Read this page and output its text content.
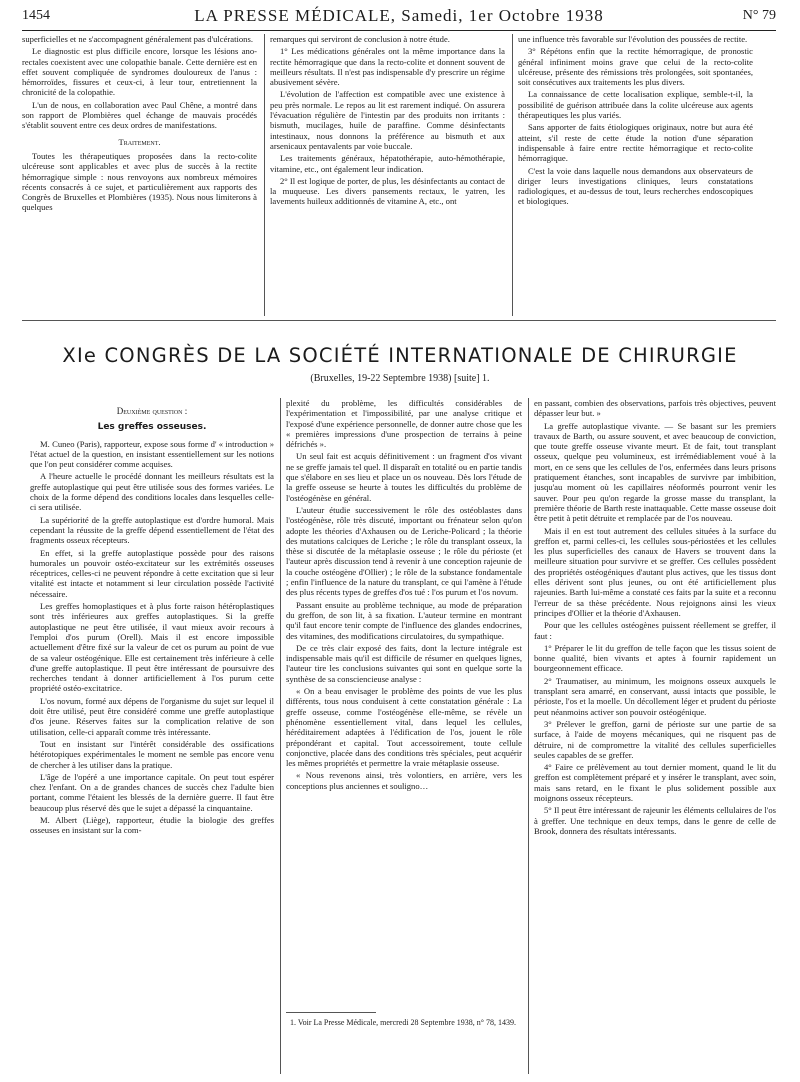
1454	LA PRESSE MÉDICALE, Samedi, 1er Octobre 1938	N° 79

superficielles et ne s'accompagnent généralement pas d'ulcérations.

Le diagnostic est plus difficile encore, lorsque les lésions ano-rectales coexistent avec une colopathie banale. Cette dernière est en effet souvent compliquée de syndromes douloureux de l'anus : hémorroïdes, fissures et ceux-ci, à leur tour, entretiennent la chronicité de la colopathie.

L'un de nous, en collaboration avec Paul Chêne, a montré dans son rapport de Plombières quel échange de mauvais procédés s'établit souvent entre ces deux ordres de manifestations.

Traitement.

Toutes les thérapeutiques proposées dans la recto-colite ulcéreuse sont applicables et avec plus de succès à la rectite hémorragique simple : nous renvoyons aux nombreux mémoires récents consacrés à ce sujet, et particulièrement aux rapports des Congrès de Bruxelles et Plombières (1935). Nous nous limiterons à quelques

remarques qui serviront de conclusion à notre étude.

1° Les médications générales ont la même importance dans la rectite hémorragique que dans la recto-colite et donnent souvent de meilleurs résultats. Il n'est pas indispensable d'y prescrire un régime abusivement sévère.

L'évolution de l'affection est compatible avec une existence à peu près normale. Le repos au lit est rarement indiqué. On assurera l'évacuation régulière de l'intestin par des produits non irritants : bismuth, mucilages, huile de paraffine. Comme désinfectants intestinaux, nous donnons la préférence au bismuth et aux arsenicaux pentavalents par voie buccale.

Les traitements généraux, hépatothérapie, auto-hémothérapie, vitamine, etc., ont également leur indication.

2° Il est logique de porter, de plus, les désinfectants au contact de la muqueuse. Les divers pansements rectaux, le yatren, les lavements huileux additionnés de vitamine A, etc., ont

une influence très favorable sur l'évolution des poussées de rectite.

3° Répétons enfin que la rectite hémorragique, de pronostic général infiniment moins grave que celui de la recto-colite ulcéreuse, présente des rémissions très prolongées, soit spontanées, soit consécutives aux traitements les plus divers.

La connaissance de cette localisation explique, semble-t-il, la possibilité de guérison attribuée dans la colite ulcéreuse aux agents thérapeutiques les plus variés.

Sans apporter de faits étiologiques originaux, notre but aura été atteint, s'il reste de cette étude la notion d'une séparation indispensable à faire entre rectite hémorragique et recto-colite hémorragique.

C'est la voie dans laquelle nous demandons aux observateurs de diriger leurs investigations cliniques, leurs constatations radiologiques, et au-dessus de tout, leurs recherches endoscopiques et biologiques.

XIe CONGRÈS DE LA SOCIÉTÉ INTERNATIONALE DE CHIRURGIE
(Bruxelles, 19-22 Septembre 1938) [suite] 1.
Deuxième question :
Les greffes osseuses.

M. Cuneo (Paris), rapporteur, expose sous forme d' « introduction » l'état actuel de la question, en insistant essentiellement sur les notions que l'on peut considérer comme acquises.

A l'heure actuelle le procédé donnant les meilleurs résultats est la greffe autoplastique qui peut être utilisée sous des formes variées. Le choix de la forme dépend des conditions locales dans lesquelles celle-ci sera utilisée.

La supériorité de la greffe autoplastique est d'ordre humoral. Mais cependant la réussite de la greffe dépend essentiellement de l'état des fragments osseux récepteurs.

En effet, si la greffe autoplastique possède pour des raisons humorales un pouvoir ostéo-excitateur sur les extrémités osseuses réceptrices, celles-ci ne peuvent répondre à cette excitation que si leur vitalité est intacte et notamment si leur circulation possède l'activité nécessaire.

Les greffes homoplastiques et à plus forte raison hétéroplastiques sont très inférieures aux greffes autoplastiques. Si la greffe autoplastique ne peut être utilisée, il vaut mieux avoir recours à l'emploi d'os purum (Orell). Mais il est encore impossible actuellement d'être fixé sur la valeur de cet os purum au point de vue de sa valeur ostéogénique. Elle est certainement très inférieure à celle d'une greffe autoplastique. Il peut être intéressant de poursuivre des recherches tendant à donner artificiellement à l'os purum cette propriété ostéo-excitatrice.

L'os novum, formé aux dépens de l'organisme du sujet sur lequel il doit être utilisé, peut être considéré comme une greffe autoplastique d'os jeune. Réserves faites sur la complication relative de son utilisation, celle-ci apparaît comme très intéressante.

Tout en insistant sur l'intérêt considérable des ossifications hétérotopiques expérimentales le moment ne semble pas encore venu de chercher à les utiliser dans la pratique.

L'âge de l'opéré a une importance capitale. On peut tout espérer chez l'enfant. On a de grandes chances de succès chez l'adulte bien portant, comme l'étaient les blessés de la dernière guerre. Il faut être beaucoup plus réservé dès que le sujet a dépassé la cinquantaine.

M. Albert (Liège), rapporteur, étudie la biologie des greffes osseuses en insistant sur la com-

plexité du problème, les difficultés considérables de l'expérimentation et l'impossibilité, par une analyse critique et l'exposé d'une expérience personnelle, de donner autre chose que les « premières impressions d'une prospection de terrains à peine défrichés ».

Un seul fait est acquis définitivement : un fragment d'os vivant ne se greffe jamais tel quel. Il disparaît en totalité ou en partie tandis que s'élabore en ses lieu et place un os nouveau. Dès lors l'étude de la greffe osseuse se heurte à toutes les difficultés du problème de l'ostéogénèse en général.

L'auteur étudie successivement le rôle des ostéoblastes dans l'ostéogénèse, rôle très discuté, important ou frénateur selon qu'on adopte les théories d'Axhausen ou de Leriche-Policard ; la théorie des mutations calciques de Leriche ; le rôle du transplant osseux, la thèse si discutée de la métaplasie osseuse ; le rôle du périoste (et l'auteur après discussion tend à revenir à une conception rajeunie de la couche ostéogène d'Ollier) ; le rôle de la substance fondamentale ; enfin l'influence de la nature du transplant, ce qui l'amène à l'étude des plus récents types de greffes d'os tué : l'os purum et l'os novum.

Passant ensuite au problème technique, au mode de préparation du greffon, de son lit, à sa fixation. L'auteur termine en montrant qu'il faut encore tenir compte de l'influence des glandes endocrines, des vitamines, des modifications circulatoires, du sympathique.

De ce très clair exposé des faits, dont la lecture intégrale est indispensable mais qu'il est difficile de résumer en quelques lignes, l'auteur tire les conclusions suivantes qui sont en quelque sorte la synthèse de sa consciencieuse analyse :

« On a beau envisager le problème des points de vue les plus différents, tous nous conduisent à cette constatation générale : La greffe osseuse, comme l'ostéogénèse elle-même, se révèle un phénomène essentiellement vital, dans lequel les cellules, héréditairement adaptées à l'édification de l'os, jouent le rôle prépondérant et capital. Tout accessoirement, toute cellule conjonctive, placée dans des conditions très spéciales, peut acquérir les mêmes propriétés et permettre la vraie métaplasie osseuse.

« Nous revenons ainsi, très volontiers, en arrière, vers les conceptions plus anciennes et souligno…

1. Voir La Presse Médicale, mercredi 28 Septembre 1938, n° 78, 1439.

en passant, combien des observations, parfois très objectives, peuvent dépasser leur but. »

La greffe autoplastique vivante. — Se basant sur les premiers travaux de Barth, ou assure souvent, et avec beaucoup de conviction, que toute greffe osseuse vivante meurt. Et de fait, tout transplant osseux, quelque peu volumineux, est irrémédiablement voué à la mort, en ce sens que les cellules de l'os, enfermées dans leurs prisons pratiquement étanches, sont incapables de survivre par imbibition, jusqu'au moment où les capillaires néoformés pourront venir les sauver. Pour peu qu'on regarde la grosse masse du transplant, la première théorie de Barth reste inattaquable. Cette masse osseuse doit être petit à petit détruite et remplacée par de l'os nouveau.

Mais il en est tout autrement des cellules situées à la surface du greffon et, parmi celles-ci, les cellules sous-périostées et les cellules les plus superficielles des canaux de Havers se trouvent dans la meilleure situation pour survivre et se greffer. Ces cellules possèdent des propriétés ostéogéniques d'autant plus actives, que les tissus dont elles dérivent sont plus jeunes, ou ont été artificiellement plus rajeunies. Barth lui-même a constaté ces faits par la suite et a reconnu l'erreur de sa thèse précédente. Nous rejoignons ainsi les vieux principes d'Ollier et la théorie d'Axhausen.

Pour que les cellules ostéogènes puissent réellement se greffer, il faut :

1° Préparer le lit du greffon de telle façon que les tissus soient de bonne qualité, bien vivants et aptes à fournir rapidement un bourgeonnement efficace.

2° Traumatiser, au minimum, les moignons osseux auxquels le transplant sera amarré, en conservant, aussi intacts que possible, le périoste, l'os et la moelle. Un décollement léger et prudent du périoste peut néanmoins activer son pouvoir ostéogénique.

3° Prélever le greffon, garni de périoste sur une partie de sa surface, à l'aide de moyens mécaniques, qui ne risquent pas de détruire, ni de compromettre la vitalité des cellules superficielles seules capables de se greffer.

4° Faire ce prélèvement au tout dernier moment, quand le lit du greffon est complètement préparé et y insérer le transplant, avec soin, mais sans retard, en le fixant le plus solidement possible aux moignons osseux récepteurs.

5° Il peut être intéressant de rajeunir les éléments cellulaires de l'os à greffer. Une technique en deux temps, dans le genre de celle de Brook, donnera des résultats intéressants.
